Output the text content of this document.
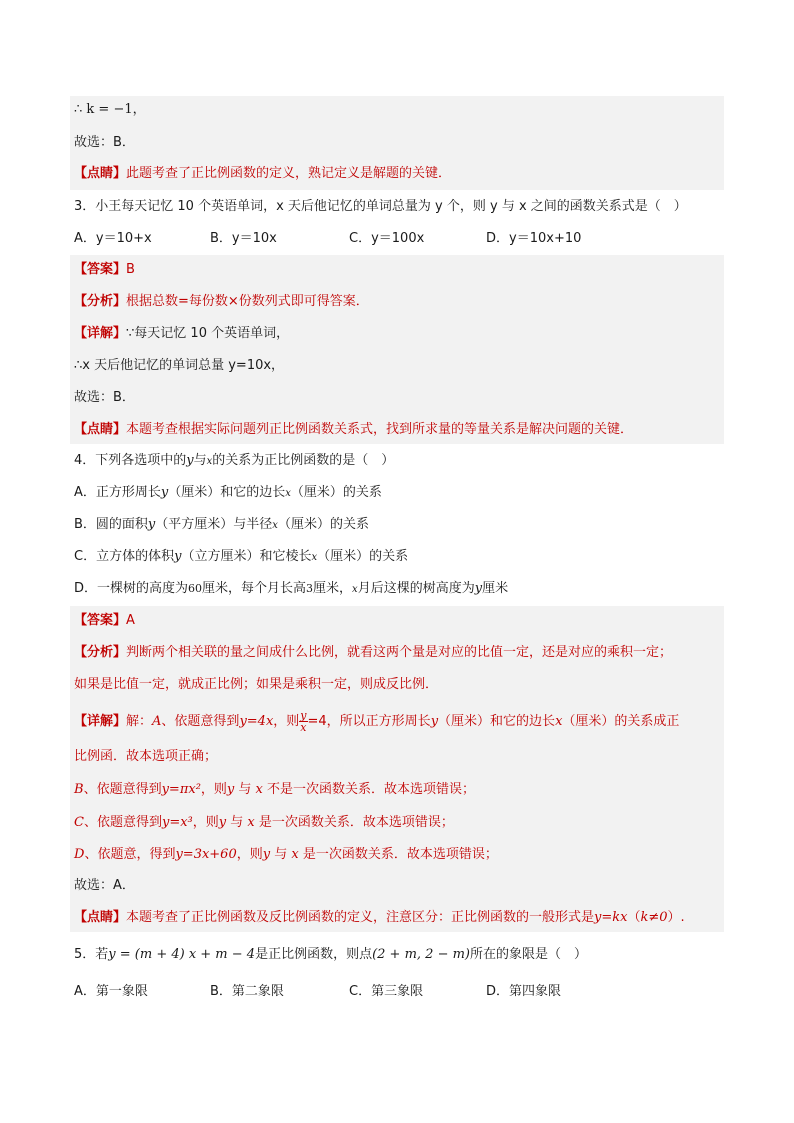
∴ k = −1，
故选：B．
【点睛】此题考查了正比例函数的定义，熟记定义是解题的关键．
3．小王每天记忆 10 个英语单词，x 天后他记忆的单词总量为 y 个，则 y 与 x 之间的函数关系式是（　）
A．y＝10+x	B．y＝10x	C．y＝100x	D．y＝10x+10
【答案】B
【分析】根据总数=每份数×份数列式即可得答案．
【详解】∵每天记忆 10 个英语单词，
∴x 天后他记忆的单词总量 y=10x，
故选：B．
【点睛】本题考查根据实际问题列正比例函数关系式，找到所求量的等量关系是解决问题的关键．
4．下列各选项中的y与x的关系为正比例函数的是（　）
A．正方形周长y（厘米）和它的边长x（厘米）的关系
B．圆的面积y（平方厘米）与半径x（厘米）的关系
C．立方体的体积y（立方厘米）和它棱长x（厘米）的关系
D．一棵树的高度为60厘米，每个月长高3厘米，x月后这棵的树高度为y厘米
【答案】A
【分析】判断两个相关联的量之间成什么比例，就看这两个量是对应的比值一定，还是对应的乘积一定；
如果是比值一定，就成正比例；如果是乘积一定，则成反比例．
【详解】解：A、依题意得到y=4x，则 $\frac{y}{x} =4$，所以正方形周长y（厘米）和它的边长x（厘米）的关系成正
比例函．故本选项正确；
B、依题意得到y=πx²，则y 与 x 不是一次函数关系．故本选项错误；
C、依题意得到y=x³，则y 与 x 是一次函数关系．故本选项错误；
D、依题意，得到y=3x+60，则y 与 x 是一次函数关系．故本选项错误；
故选：A．
【点睛】本题考查了正比例函数及反比例函数的定义，注意区分：正比例函数的一般形式是y=kx（k≠0）.
5．若y = (m + 4) x + m − 4是正比例函数，则点(2 + m, 2 − m)所在的象限是（　）
A．第一象限	B．第二象限	C．第三象限	D．第四象限
